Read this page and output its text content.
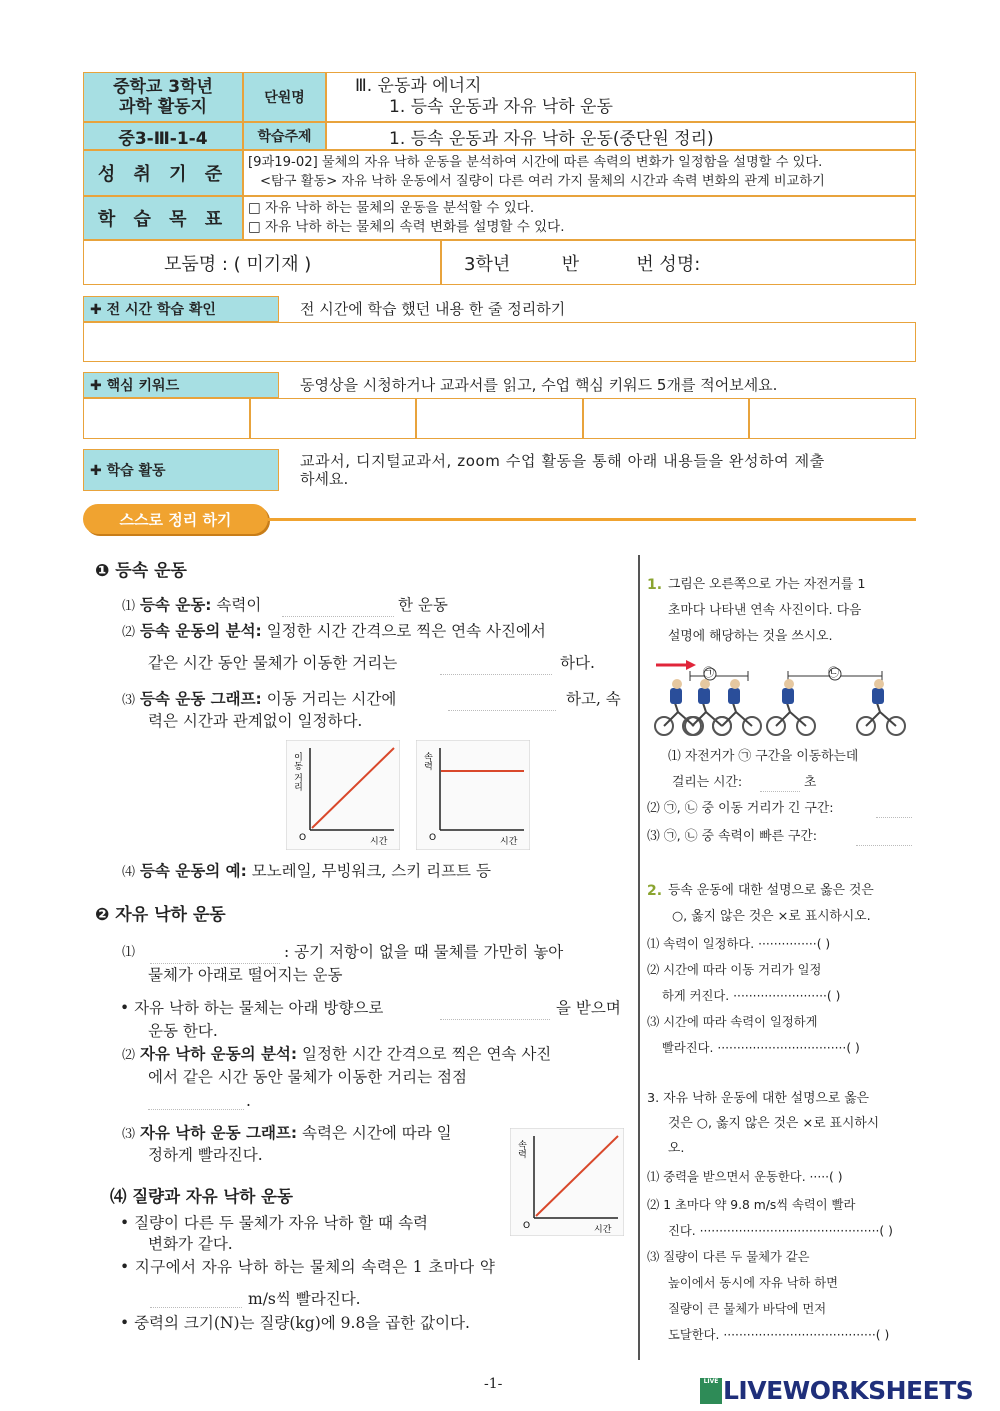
중학교 3학년
과학 활동지	단원명
Ⅲ. 운동과 에너지
1. 등속 운동과 자유 낙하 운동
중3-Ⅲ-1-4	학습주제	1. 등속 운동과 자유 낙하 운동(중단원 정리)
성 취 기 준
[9과19-02] 물체의 자유 낙하 운동을 분석하여 시간에 따른 속력의 변화가 일정함을 설명할 수 있다.
<탐구 활동> 자유 낙하 운동에서 질량이 다른 여러 가지 물체의 시간과 속력 변화의 관계 비교하기
학 습 목 표
□ 자유 낙하 하는 물체의 운동을 분석할 수 있다.
□ 자유 낙하 하는 물체의 속력 변화를 설명할 수 있다.
모둠명 : ( 미기재 )	3학년         반          번 성명:
✚ 전 시간 학습 확인	전 시간에 학습 했던 내용 한 줄 정리하기
✚ 핵심 키워드	동영상을 시청하거나 교과서를 읽고, 수업 핵심 키워드 5개를 적어보세요.
✚ 학습 활동
교과서, 디지털교과서, zoom 수업 활동을 통해 아래 내용들을 완성하여 제출
하세요.
스스로 정리 하기
❶ 등속 운동
⑴ 등속 운동: 속력이	한 운동
⑵ 등속 운동의 분석: 일정한 시간 간격으로 찍은 연속 사진에서
같은 시간 동안 물체가 이동한 거리는	하다.
⑶ 등속 운동 그래프: 이동 거리는 시간에	하고, 속
력은 시간과 관계없이 일정하다.
이동 거리
시간
O
속력
시간
O
⑷ 등속 운동의 예: 모노레일, 무빙워크, 스키 리프트 등
❷ 자유 낙하 운동
⑴	: 공기 저항이 없을 때 물체를 가만히 놓아
물체가 아래로 떨어지는 운동
• 자유 낙하 하는 물체는 아래 방향으로	을 받으며
운동 한다.
⑵ 자유 낙하 운동의 분석: 일정한 시간 간격으로 찍은 연속 사진
에서 같은 시간 동안 물체가 이동한 거리는 점점
.
⑶ 자유 낙하 운동 그래프: 속력은 시간에 따라 일
정하게 빨라진다.	속력
시간
O
⑷ 질량과 자유 낙하 운동
• 질량이 다른 두 물체가 자유 낙하 할 때 속력
변화가 같다.
• 지구에서 자유 낙하 하는 물체의 속력은 1 초마다 약
m/s씩 빨라진다.
• 중력의 크기(N)는 질량(kg)에 9.8을 곱한 값이다.
1. 그림은 오른쪽으로 가는 자전거를 1
초마다 나타낸 연속 사진이다. 다음
설명에 해당하는 것을 쓰시오.
㉠	㉡
⑴ 자전거가 ㉠ 구간을 이동하는데
걸리는 시간:	초
⑵ ㉠, ㉡ 중 이동 거리가 긴 구간:
⑶ ㉠, ㉡ 중 속력이 빠른 구간:
2. 등속 운동에 대한 설명으로 옳은 것은
○, 옳지 않은 것은 ×로 표시하시오.
⑴ 속력이 일정하다. ···············( )
⑵ 시간에 따라 이동 거리가 일정
하게 커진다. ························( )
⑶ 시간에 따라 속력이 일정하게
빨라진다. ·································( )
3. 자유 낙하 운동에 대한 설명으로 옳은
것은 ○, 옳지 않은 것은 ×로 표시하시
오.
⑴ 중력을 받으면서 운동한다. ·····( )
⑵ 1 초마다 약 9.8 m/s씩 속력이 빨라
진다. ··············································( )
⑶ 질량이 다른 두 물체가 같은
높이에서 동시에 자유 낙하 하면
질량이 큰 물체가 바닥에 먼저
도달한다. ·······································( )
-1-	LIVE LIVEWORKSHEETS
